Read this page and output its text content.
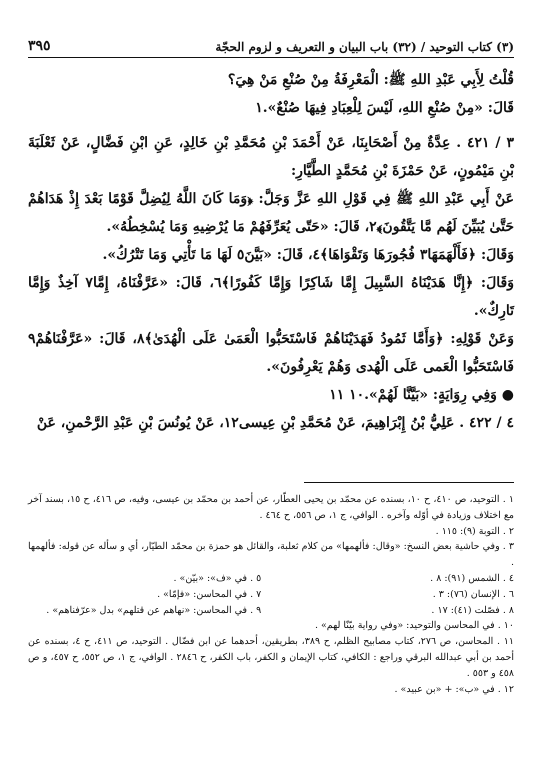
(٣) كتاب التوحيد / (٣٢) باب البيان و التعريف و لزوم الحجّة
٣٩٥

قُلْتُ لِأَبِي عَبْدِ اللهِ ﷺ: الْمَعْرِفَةُ مِنْ صُنْعِ مَنْ هِيَ؟

قَالَ: «مِنْ صُنْعِ اللهِ، لَيْسَ لِلْعِبَادِ فِيهَا صُنْعٌ».١

٣ / ٤٢١ . عِدَّةٌ مِنْ أَصْحَابِنَا، عَنْ أَحْمَدَ بْنِ مُحَمَّدِ بْنِ خَالِدٍ، عَنِ ابْنِ فَضَّالٍ، عَنْ ثَعْلَبَةَ بْنِ مَيْمُونٍ، عَنْ حَمْزَةَ بْنِ مُحَمَّدٍ الطَّيَّارِ:

عَنْ أَبِي عَبْدِ اللهِ ﷺ فِي قَوْلِ اللهِ عَزَّ وَجَلَّ: ﴿وَمَا كَانَ اللَّهُ لِيُضِلَّ قَوْمًا بَعْدَ إِذْ هَدَاهُمْ حَتَّىٰ يُبَيِّنَ لَهُم مَّا يَتَّقُونَ﴾٢، قَالَ: «حَتّى يُعَرِّفَهُمْ مَا يُرْضِيهِ وَمَا يُسْخِطُهُ».

وَقَالَ: ﴿فَأَلْهَمَهَا٣ فُجُورَهَا وَتَقْوَاهَا﴾٤، قَالَ: «بَيَّنَ٥ لَهَا مَا تَأْتِي وَمَا تَتْرُكُ».

وَقَالَ: ﴿إِنَّا هَدَيْنَاهُ السَّبِيلَ إِمَّا شَاكِرًا وَإِمَّا كَفُورًا﴾٦، قَالَ: «عَرَّفْنَاهُ، إِمَّا٧ آخِذٌ وَإِمَّا تَارِكٌ».

وَعَنْ قَوْلِهِ: ﴿وَأَمَّا ثَمُودُ فَهَدَيْنَاهُمْ فَاسْتَحَبُّوا الْعَمَىٰ عَلَى الْهُدَىٰ﴾٨، قَالَ: «عَرَّفْنَاهُمْ٩ فَاسْتَحَبُّوا الْعَمى عَلَى الْهُدى وَهُمْ يَعْرِفُونَ».

● وَفِي رِوَايَةٍ: «بَيَّنَّا لَهُمْ».١٠ ١١

٤ / ٤٢٢ . عَلِيُّ بْنُ إِبْرَاهِيمَ، عَنْ مُحَمَّدِ بْنِ عِيسى١٢، عَنْ يُونُسَ بْنِ عَبْدِ الرَّحْمنِ، عَنْ

١ . التوحيد، ص ٤١٠، ح ١٠، بسنده عن محمّد بن يحيى العطّار، عن أحمد بن محمّد بن عيسى، وفيه، ص ٤١٦، ح ١٥، بسند آخر مع اختلاف وزيادة في أوّله وآخره . الوافي، ج ١، ص ٥٥٦، ح ٤٦٤ .

٢ . التوبة (٩): ١١٥ .

٣ . وفي حاشية بعض النسخ: «وقال: فألهمها» من كلام ثعلبة، والقائل هو حمزة بن محمّد الطيّار، أي و سأله عن قوله: فألهمها .

٤ . الشمس (٩١): ٨ .
٥ . في «ف»: «بيّن» .
٦ . الإنسان (٧٦): ٣ .
٧ . في المحاسن: «فإمّا» .
٨ . فصّلت (٤١): ١٧ .
٩ . في المحاسن: «نهاهم عن قتلهم» بدل «عرّفناهم» .

١٠ . في المحاسن والتوحيد: «وفي رواية بيّنّا لهم» .

١١ . المحاسن، ص ٢٧٦، كتاب مصابيح الظلم، ح ٣٨٩، بطريقين، أحدهما عن ابن فضّال . التوحيد، ص ٤١١، ح ٤، بسنده عن أحمد بن أبي عبدالله البرقي وراجع : الكافي، كتاب الإيمان و الكفر، باب الكفر، ح ٢٨٤٦ . الوافي، ج ١، ص ٥٥٢، ح ٤٥٧، و ص ٤٥٨ و ٥٥٣ .

١٢ . في «ب»: + «بن عبيد» .
